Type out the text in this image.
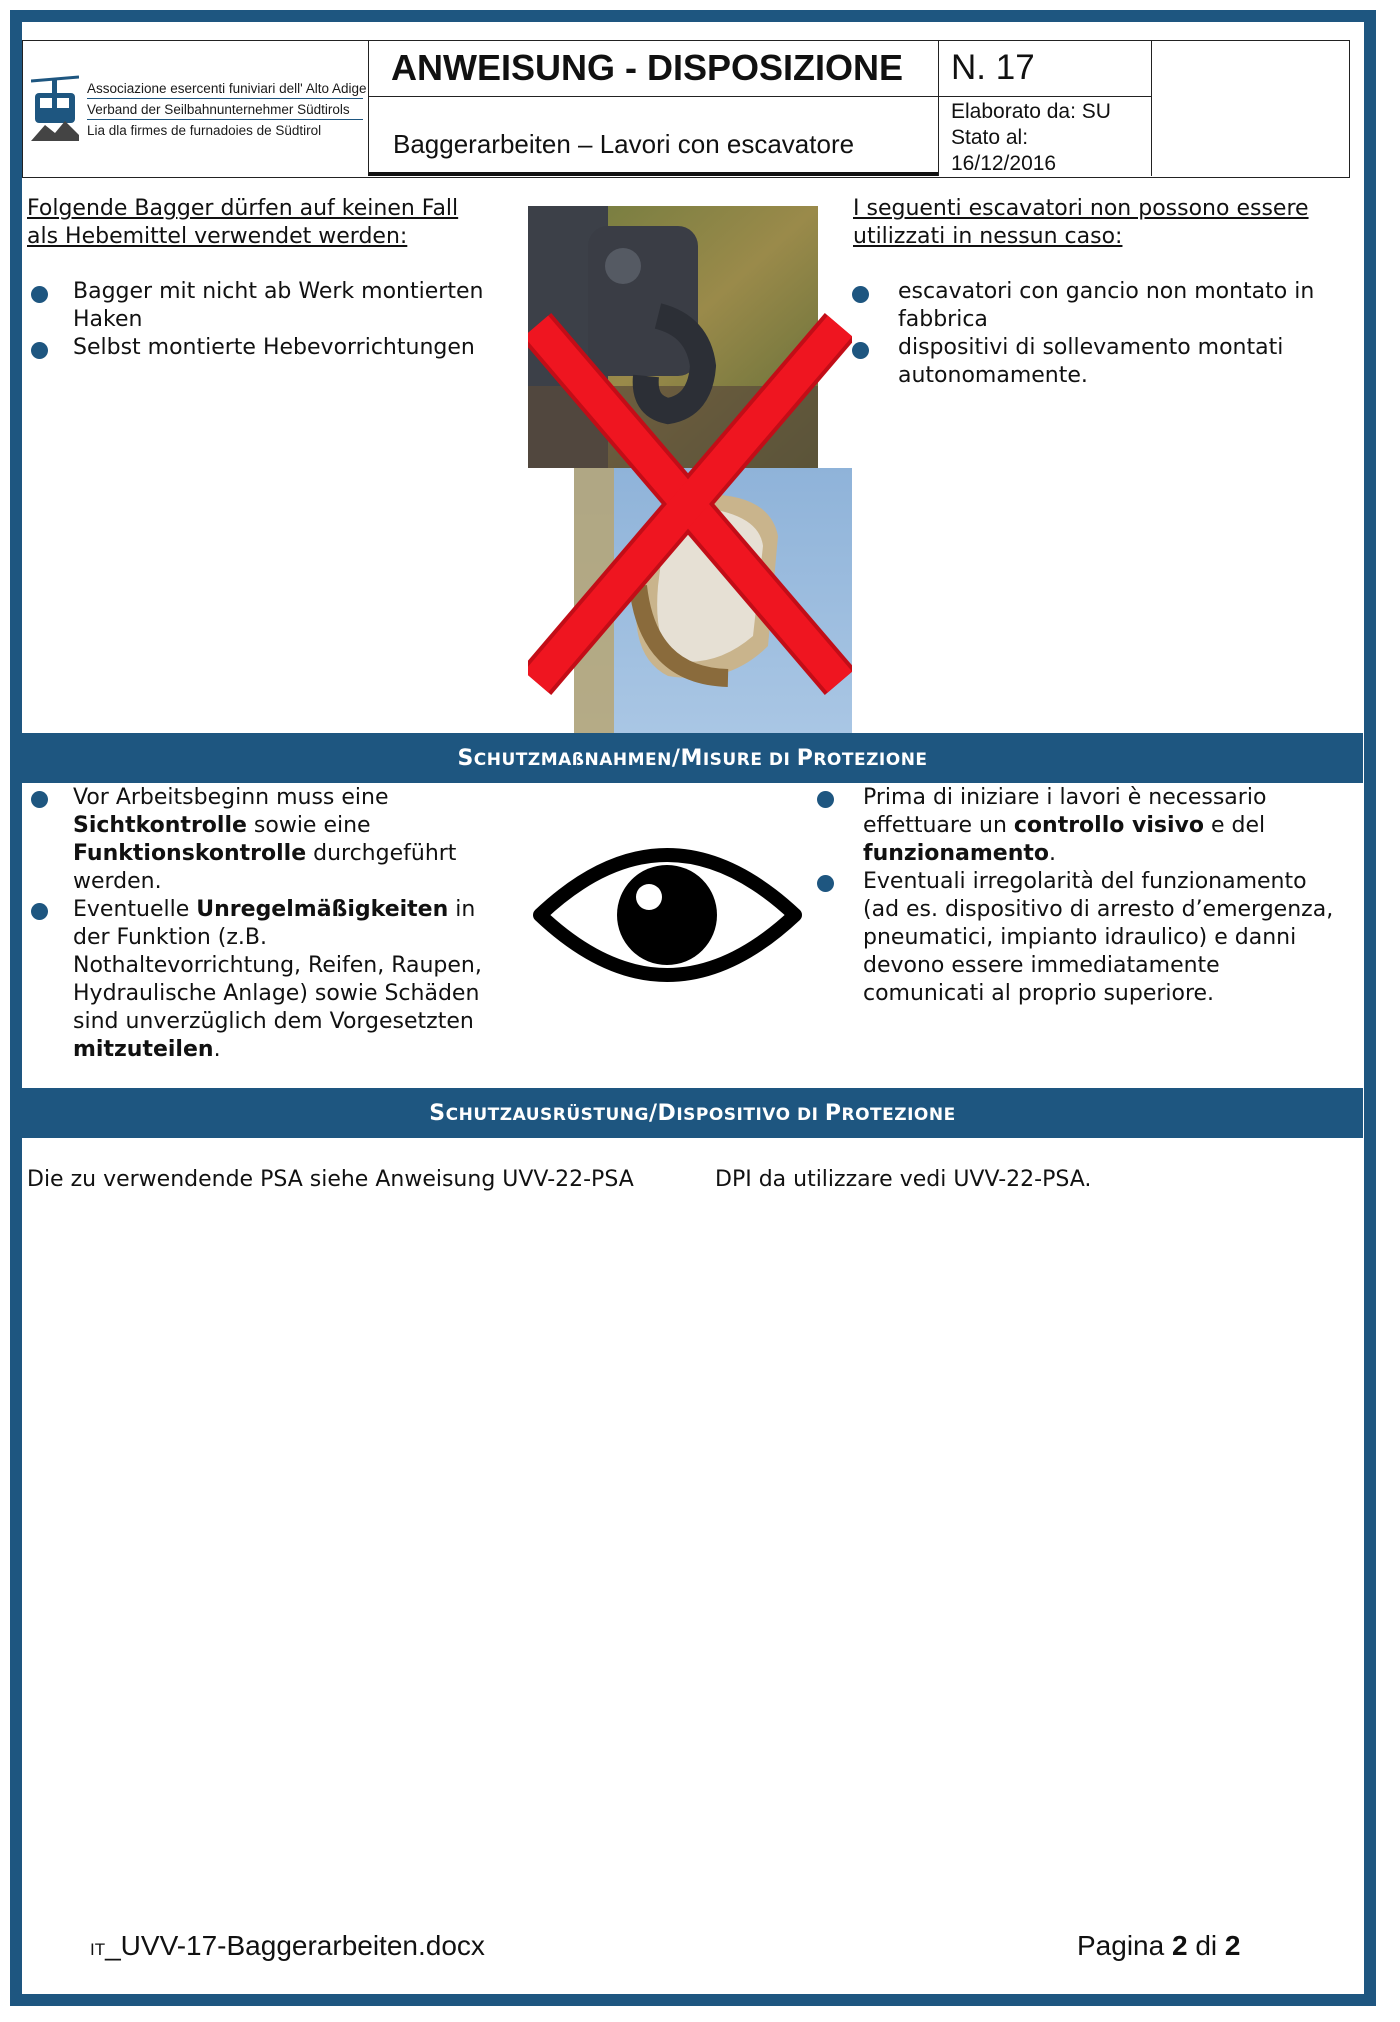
Associazione esercenti funiviari dell' Alto Adige
Verband der Seilbahnunternehmer Südtirols
Lia dla firmes de furnadoies de Südtirol
ANWEISUNG - DISPOSIZIONE
Baggerarbeiten – Lavori con escavatore
N. 17
Elaborato da: SU
Stato al:
16/12/2016
Folgende Bagger dürfen auf keinen Fall
als Hebemittel verwendet werden:
Bagger mit nicht ab Werk montierten
Haken
Selbst montierte Hebevorrichtungen
I seguenti escavatori non possono essere
utilizzati in nessun caso:
escavatori con gancio non montato in
fabbrica
dispositivi di sollevamento montati
autonomamente.
SCHUTZMAßNAHMEN/MISURE DI PROTEZIONE
Vor Arbeitsbeginn muss eine
Sichtkontrolle sowie eine
Funktionskontrolle durchgeführt
werden.
Eventuelle Unregelmäßigkeiten in
der Funktion (z.B.
Nothaltevorrichtung, Reifen, Raupen,
Hydraulische Anlage) sowie Schäden
sind unverzüglich dem Vorgesetzten
mitzuteilen.
Prima di iniziare i lavori è necessario
effettuare un controllo visivo e del
funzionamento.
Eventuali irregolarità del funzionamento
(ad es. dispositivo di arresto d’emergenza,
pneumatici, impianto idraulico) e danni
devono essere immediatamente
comunicati al proprio superiore.
SCHUTZAUSRÜSTUNG/DISPOSITIVO DI PROTEZIONE
Die zu verwendende PSA siehe Anweisung UVV-22-PSA	DPI da utilizzare vedi UVV-22-PSA.
IT_UVV-17-Baggerarbeiten.docx	Pagina 2 di 2
